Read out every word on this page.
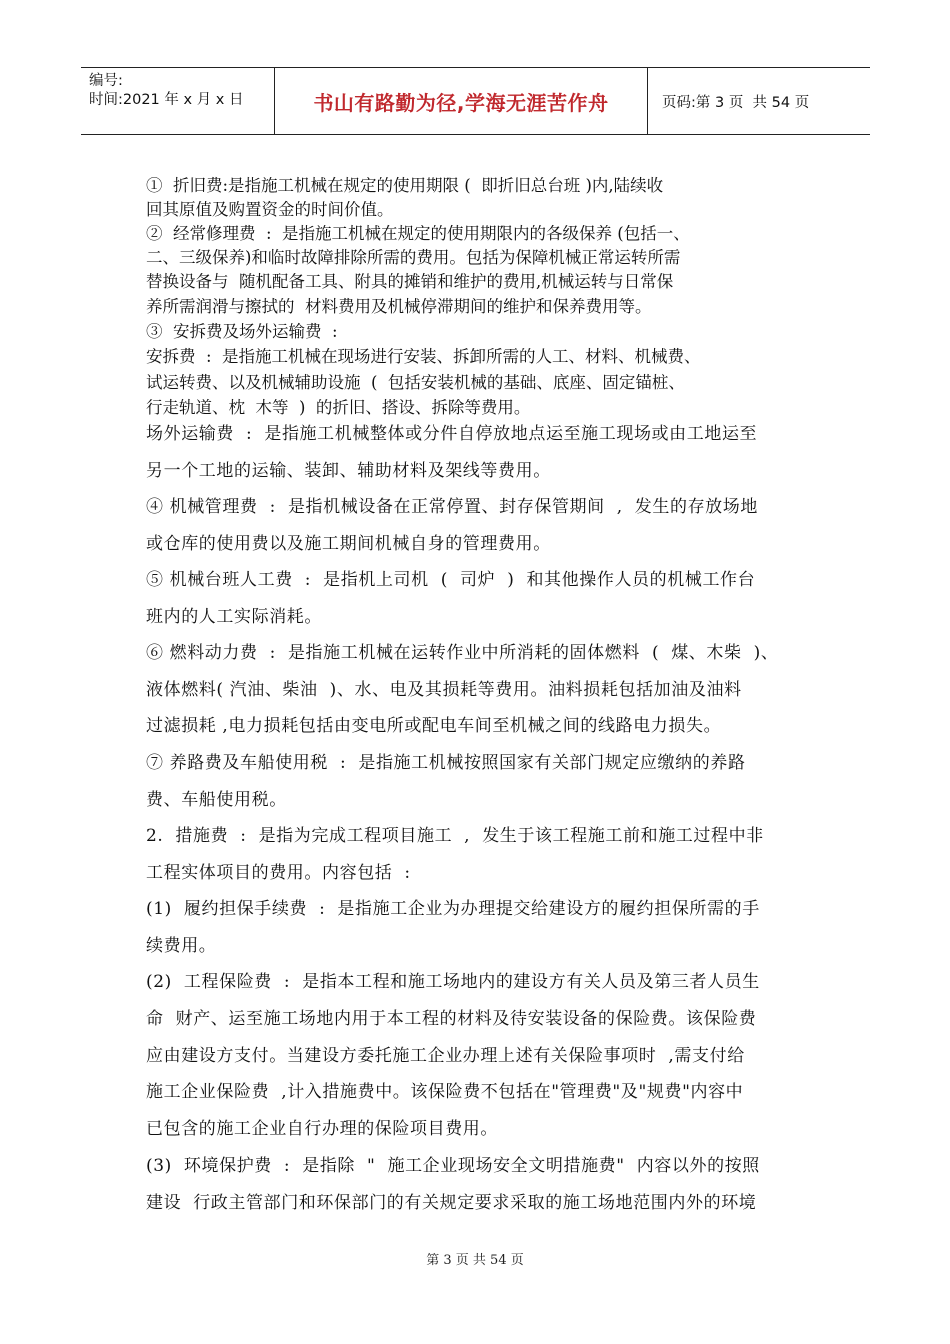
编号:
时间:2021 年 x 月 x 日	书山有路勤为径,学海无涯苦作舟	页码:第 3 页  共 54 页
①  折旧费:是指施工机械在规定的使用期限 (  即折旧总台班 )内,陆续收
回其原值及购置资金的时间价值。
②  经常修理费  :  是指施工机械在规定的使用期限内的各级保养 (包括一、
二、三级保养)和临时故障排除所需的费用。包括为保障机械正常运转所需
替换设备与  随机配备工具、附具的摊销和维护的费用,机械运转与日常保
养所需润滑与擦拭的  材料费用及机械停滞期间的维护和保养费用等。
③  安拆费及场外运输费  :
安拆费  :  是指施工机械在现场进行安装、拆卸所需的人工、材料、机械费、
试运转费、以及机械辅助设施  (  包括安装机械的基础、底座、固定锚桩、
行走轨道、枕  木等  )  的折旧、搭设、拆除等费用。
场外运输费  :  是指施工机械整体或分件自停放地点运至施工现场或由工地运至
另一个工地的运输、装卸、辅助材料及架线等费用。
④ 机械管理费  :  是指机械设备在正常停置、封存保管期间  ,  发生的存放场地
或仓库的使用费以及施工期间机械自身的管理费用。
⑤ 机械台班人工费  :  是指机上司机  (  司炉  )  和其他操作人员的机械工作台
班内的人工实际消耗。
⑥ 燃料动力费  :  是指施工机械在运转作业中所消耗的固体燃料  (  煤、木柴  )、
液体燃料( 汽油、柴油  )、水、电及其损耗等费用。油料损耗包括加油及油料
过滤损耗 ,电力损耗包括由变电所或配电车间至机械之间的线路电力损失。
⑦ 养路费及车船使用税  :  是指施工机械按照国家有关部门规定应缴纳的养路
费、车船使用税。
2.  措施费  :  是指为完成工程项目施工  ,  发生于该工程施工前和施工过程中非
工程实体项目的费用。内容包括  :
(1)  履约担保手续费  :  是指施工企业为办理提交给建设方的履约担保所需的手
续费用。
(2)  工程保险费  :  是指本工程和施工场地内的建设方有关人员及第三者人员生
命  财产、运至施工场地内用于本工程的材料及待安装设备的保险费。该保险费
应由建设方支付。当建设方委托施工企业办理上述有关保险事项时  ,需支付给
施工企业保险费  ,计入措施费中。该保险费不包括在"管理费"及"规费"内容中
已包含的施工企业自行办理的保险项目费用。
(3)  环境保护费  :  是指除  "  施工企业现场安全文明措施费"  内容以外的按照
建设  行政主管部门和环保部门的有关规定要求采取的施工场地范围内外的环境
第 3 页 共 54 页
